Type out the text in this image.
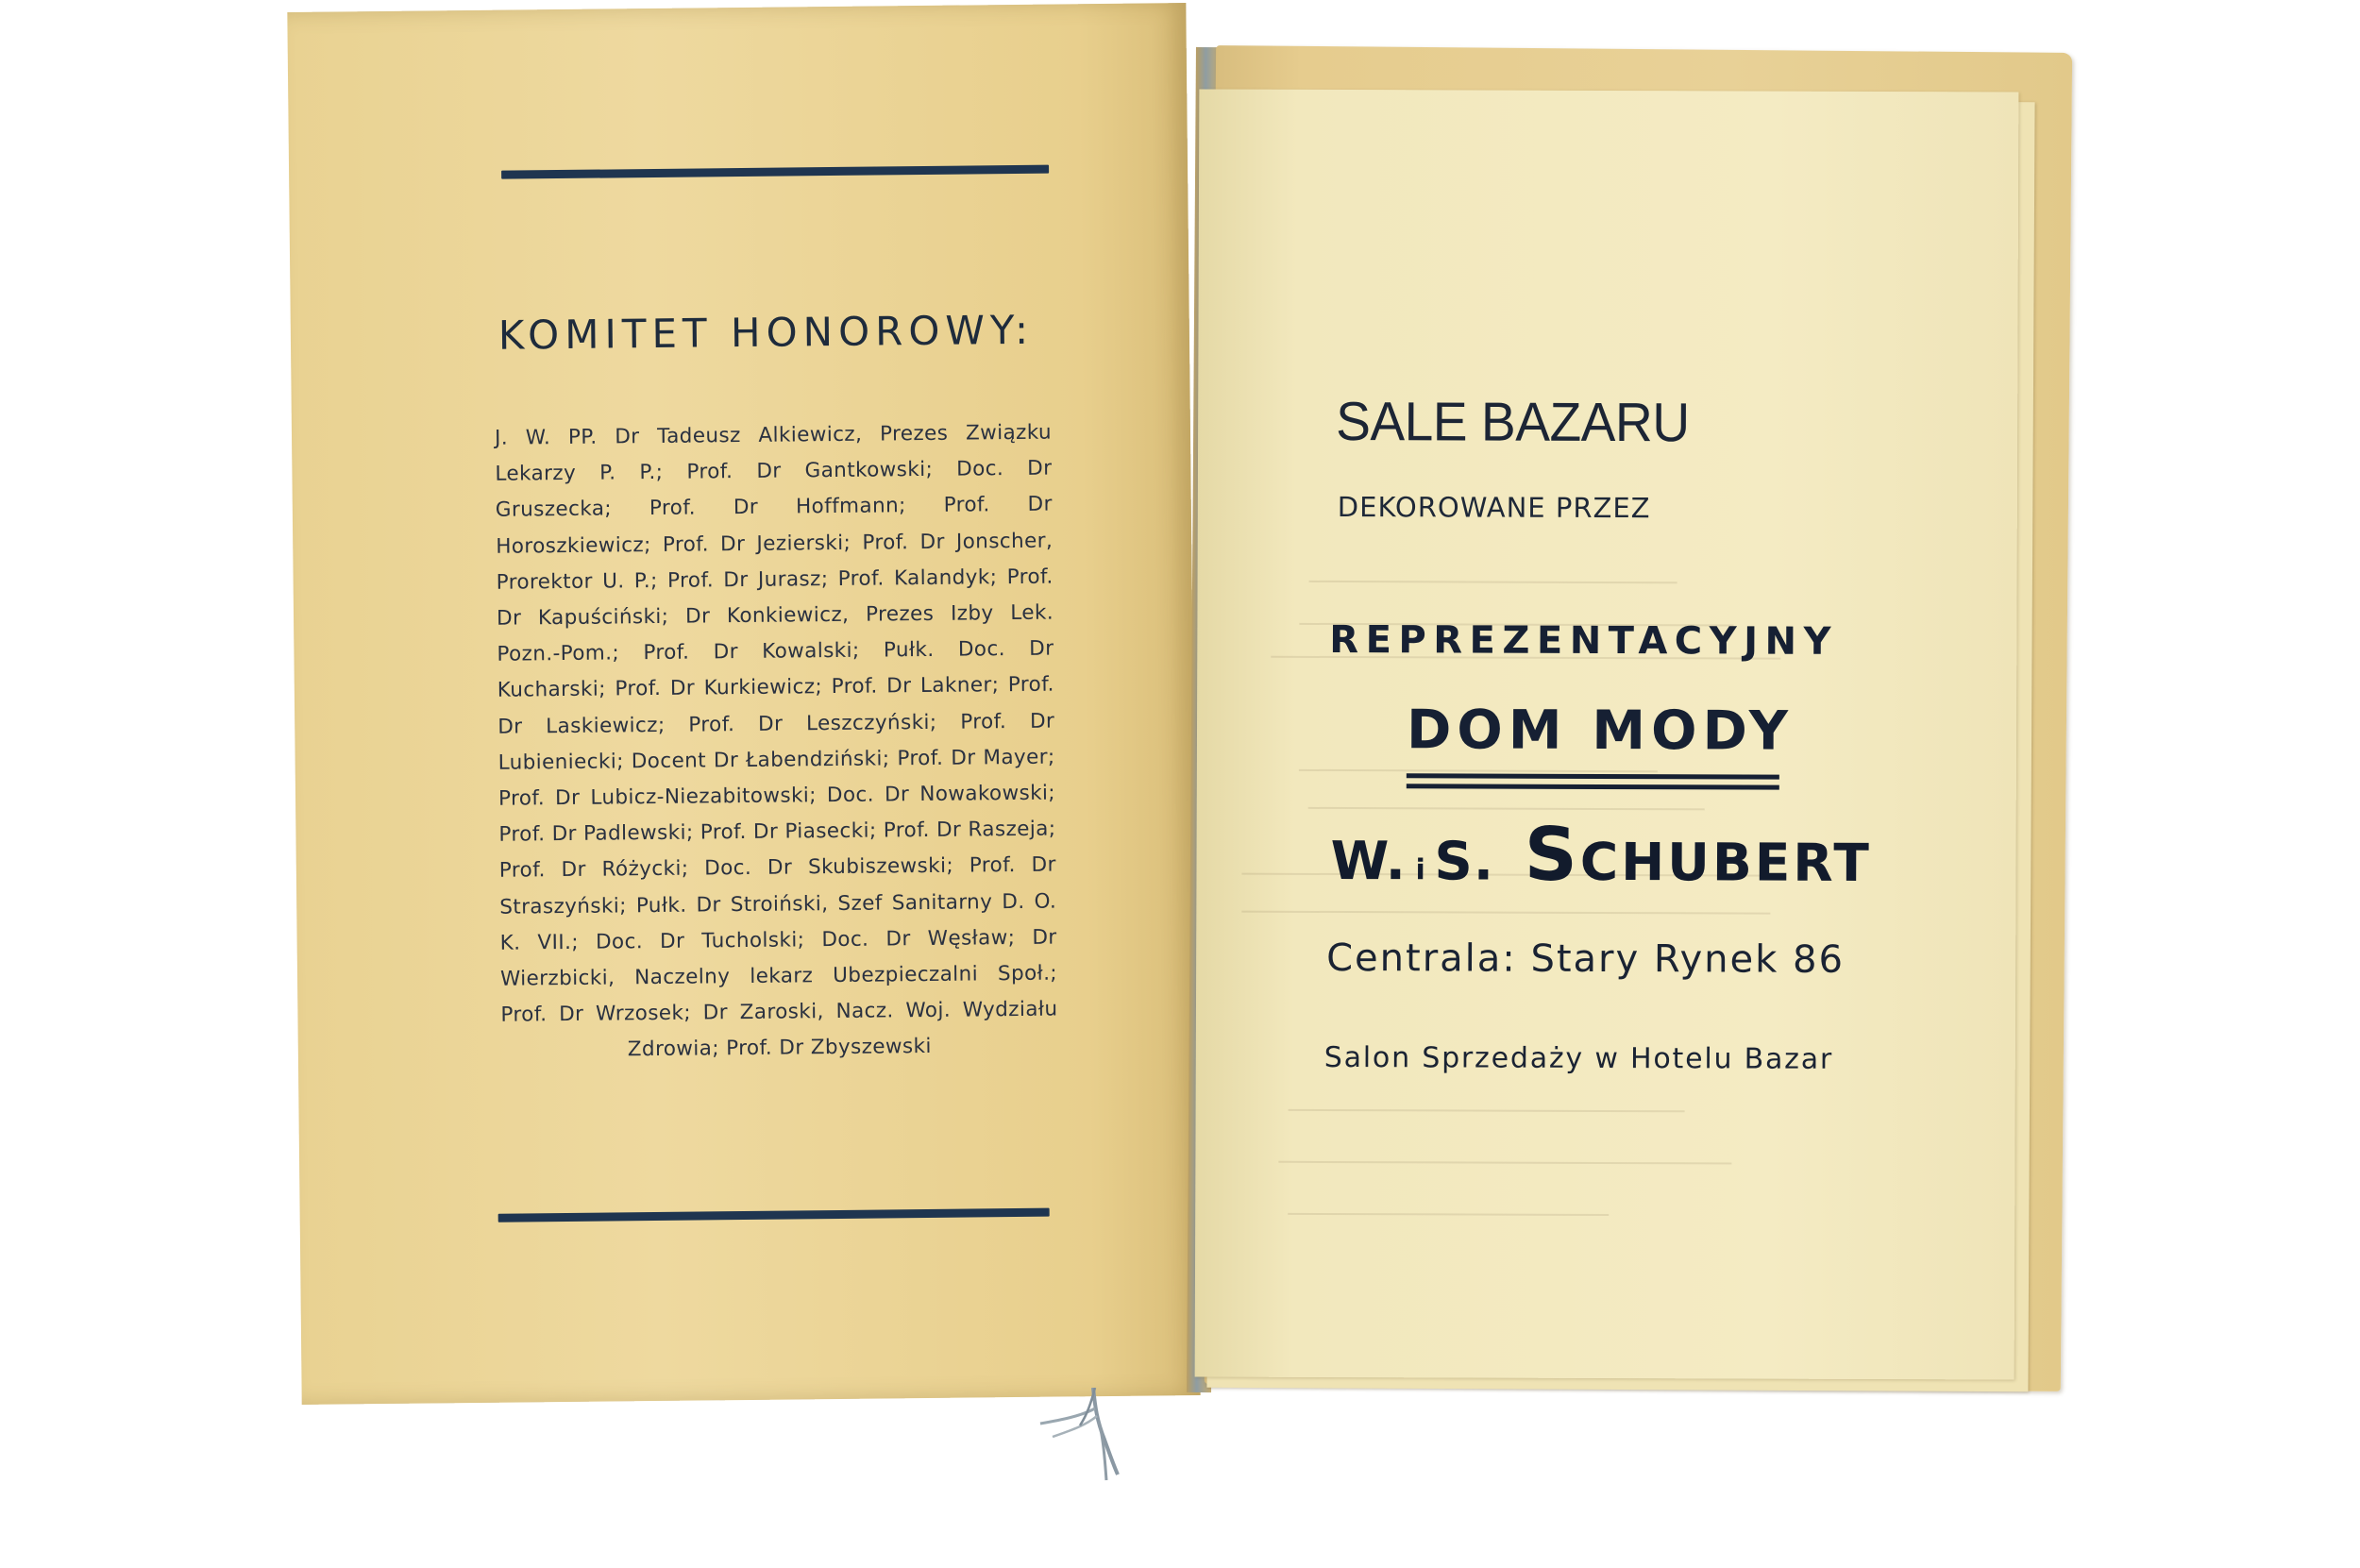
KOMITET HONOROWY:
J. W. PP. Dr Tadeusz Alkiewicz, Prezes Związku Lekarzy P. P.; Prof. Dr Gantkowski; Doc. Dr Gruszecka; Prof. Dr Hoffmann; Prof. Dr Horoszkiewicz; Prof. Dr Jezierski; Prof. Dr Jonscher, Prorektor U. P.; Prof. Dr Jurasz; Prof. Kalandyk; Prof. Dr Kapuściński; Dr Konkiewicz, Prezes Izby Lek. Pozn.-Pom.; Prof. Dr Kowalski; Pułk. Doc. Dr Kucharski; Prof. Dr Kurkiewicz; Prof. Dr Lakner; Prof. Dr Laskiewicz; Prof. Dr Leszczyński; Prof. Dr Lubieniecki; Docent Dr Łabendziński; Prof. Dr Mayer; Prof. Dr Lubicz-Niezabitowski; Doc. Dr Nowakowski; Prof. Dr Padlewski; Prof. Dr Piasecki; Prof. Dr Raszeja; Prof. Dr Różycki; Doc. Dr Skubiszewski; Prof. Dr Straszyński; Pułk. Dr Stroiński, Szef Sanitarny D. O. K. VII.; Doc. Dr Tucholski; Doc. Dr Węsław; Dr Wierzbicki, Naczelny lekarz Ubezpieczalni Społ.; Prof. Dr Wrzosek; Dr Zaroski, Nacz. Woj. Wydziału Zdrowia; Prof. Dr Zbyszewski

SALE BAZARU
DEKOROWANE PRZEZ
REPREZENTACYJNY
DOM MODY
W. i S. Schubert
Centrala: Stary Rynek 86
Salon Sprzedaży w Hotelu Bazar
